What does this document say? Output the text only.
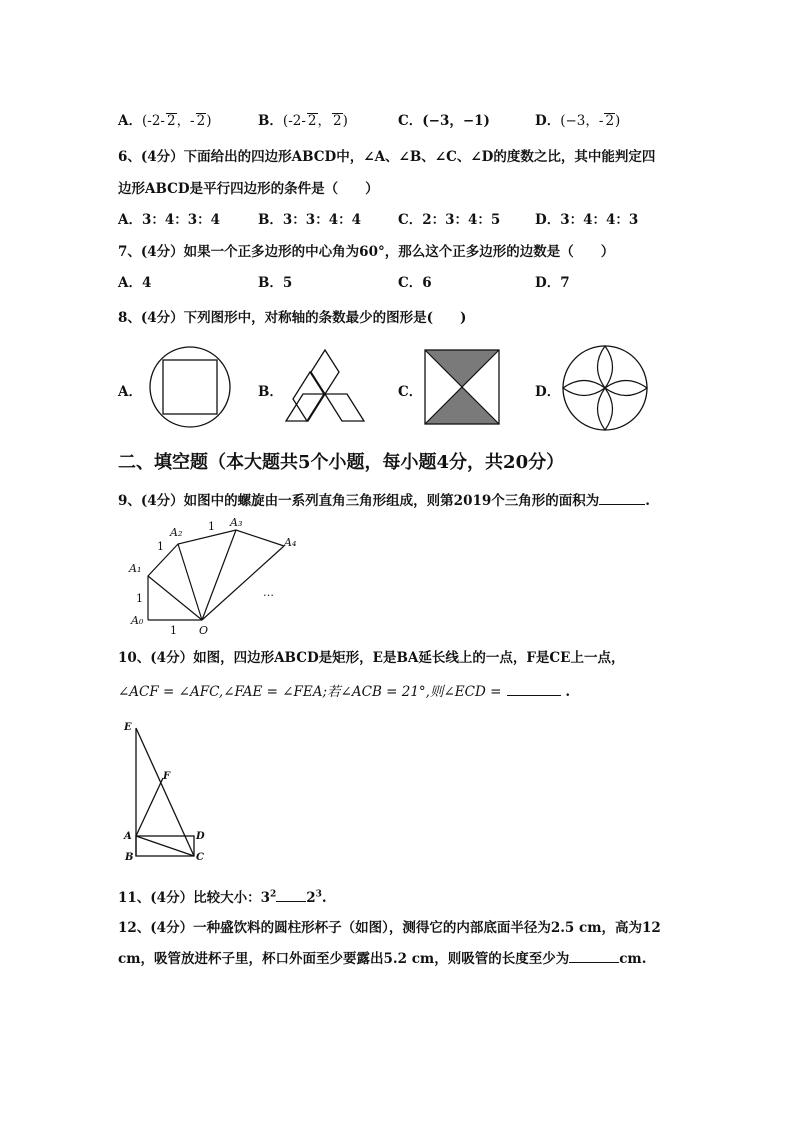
A．(-2- 2，- 2)	B．(-2- 2， 2)	C．(−3，−1)	D．(−3，- 2)
6、(4分）下面给出的四边形ABCD中，∠A、∠B、∠C、∠D的度数之比，其中能判定四
边形ABCD是平行四边形的条件是（　　）
A．3：4：3：4	B．3：3：4：4	C．2：3：4：5	D．3：4：4：3
7、(4分）如果一个正多边形的中心角为60°，那么这个正多边形的边数是（　　）
A．4	B．5	C．6	D．7
8、(4分）下列图形中，对称轴的条数最少的图形是(　　)
A．	B．	C．	D．
二、填空题（本大题共5个小题，每小题4分，共20分）
9、(4分）如图中的螺旋由一系列直角三角形组成，则第2019个三角形的面积为	.
A₀
A₁
A₂
A₃
A₄
O
1
1
1
1
…
10、(4分）如图，四边形ABCD是矩形，E是BA延长线上的一点，F是CE上一点，
∠ACF = ∠AFC,∠FAE = ∠FEA;若∠ACB = 21°,则∠ECD =	.
E
F
A
B	C
D
11、(4分）比较大小：$3^2$ $2^3$.
12、(4分）一种盛饮料的圆柱形杯子（如图），测得它的内部底面半径为2.5 cm，高为12
cm，吸管放进杯子里，杯口外面至少要露出5.2 cm，则吸管的长度至少为	cm.
